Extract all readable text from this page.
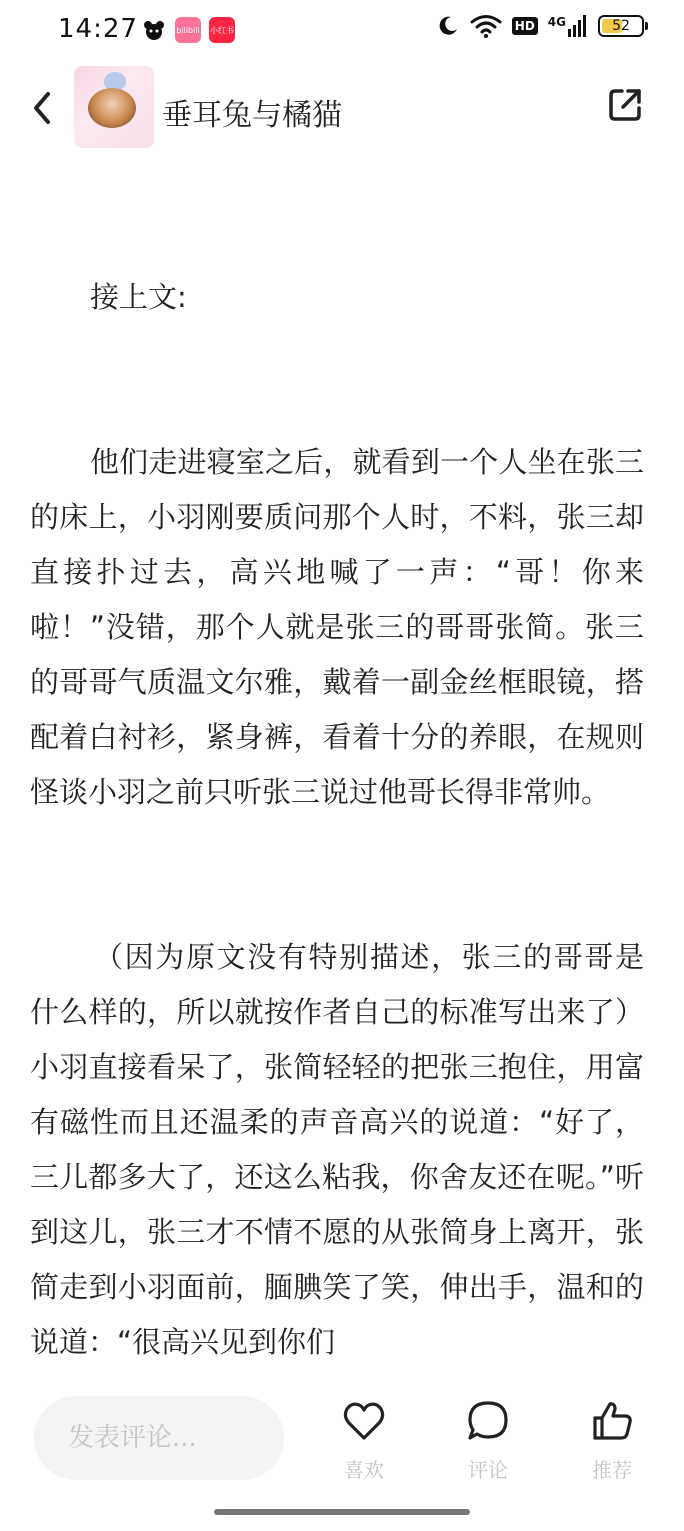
14:27	bilibili 小红书	HD 4G	52
垂耳兔与橘猫

接上文:

他们走进寝室之后，就看到一个人坐在张三的床上，小羽刚要质问那个人时，不料，张三却直接扑过去，高兴地喊了一声：“哥！你来啦！”没错，那个人就是张三的哥哥张简。张三的哥哥气质温文尔雅，戴着一副金丝框眼镜，搭配着白衬衫，紧身裤，看着十分的养眼，在规则怪谈小羽之前只听张三说过他哥长得非常帅。

（因为原文没有特别描述，张三的哥哥是什么样的，所以就按作者自己的标准写出来了）小羽直接看呆了，张简轻轻的把张三抱住，用富有磁性而且还温柔的声音高兴的说道：“好了，三儿都多大了，还这么粘我，你舍友还在呢。”听到这儿，张三才不情不愿的从张简身上离开，张简走到小羽面前，腼腆笑了笑，伸出手，温和的说道：“很高兴见到你们

发表评论...
喜欢	评论	推荐
